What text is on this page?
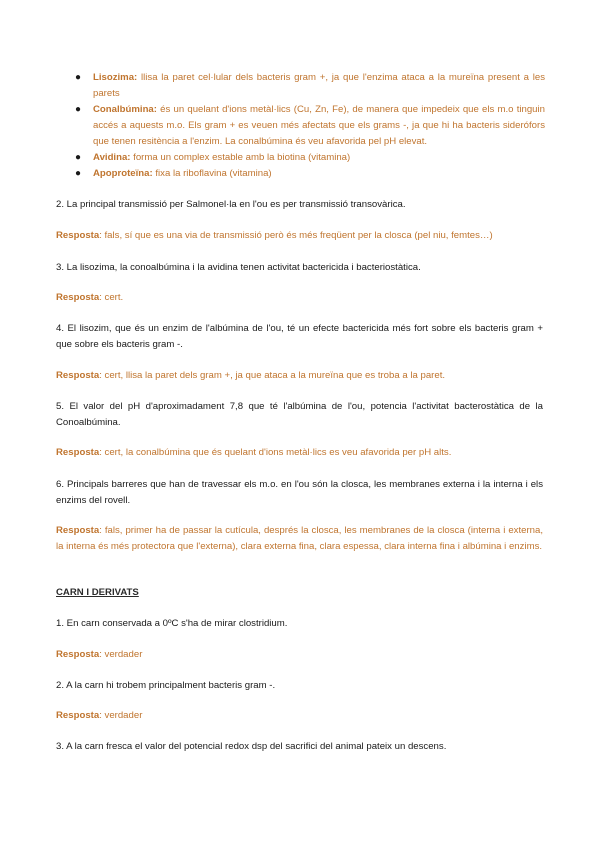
● Lisozima: llisa la paret cel·lular dels bacteris gram +, ja que l'enzima ataca a la mureïna present a les parets
● Conalbúmina: és un quelant d'ions metàl·lics (Cu, Zn, Fe), de manera que impedeix que els m.o tinguin accés a aquests m.o. Els gram + es veuen més afectats que els grams -, ja que hi ha bacteris siderófors que tenen resitència a l'enzim. La conalbúmina és veu afavorida pel pH elevat.
● Avidina: forma un complex estable amb la biotina (vitamina)
● Apoproteïna: fixa la riboflavina (vitamina)

2. La principal transmissió per Salmonel·la en l'ou es per transmissió transovàrica.

Resposta: fals, sí que es una via de transmissió però és més freqüent per la closca (pel niu, femtes…)

3. La lisozima, la conoalbúmina i la avidina tenen activitat bactericida i bacteriostàtica.

Resposta: cert.

4. El lisozim, que és un enzim de l'albúmina de l'ou, té un efecte bactericida més fort sobre els bacteris gram + que sobre els bacteris gram -.

Resposta: cert, llisa la paret dels gram +, ja que ataca a la mureïna que es troba a la paret.

5. El valor del pH d'aproximadament 7,8 que té l'albúmina de l'ou, potencia l'activitat bacterostàtica de la Conoalbúmina.

Resposta: cert, la conalbúmina que és quelant d'ions metàl·lics es veu afavorida per pH alts.

6. Principals barreres que han de travessar els m.o. en l'ou són la closca, les membranes externa i la interna i els enzims del rovell.

Resposta: fals, primer ha de passar la cutícula, després la closca, les membranes de la closca (interna i externa, la interna és més protectora que l'externa), clara externa fina, clara espessa, clara interna fina i albúmina i enzims.

CARN I DERIVATS

1. En carn conservada a 0ºC s'ha de mirar clostridium.

Resposta: verdader

2. A la carn hi trobem principalment bacteris gram -.

Resposta: verdader

3. A la carn fresca el valor del potencial redox dsp del sacrifici del animal pateix un descens.
